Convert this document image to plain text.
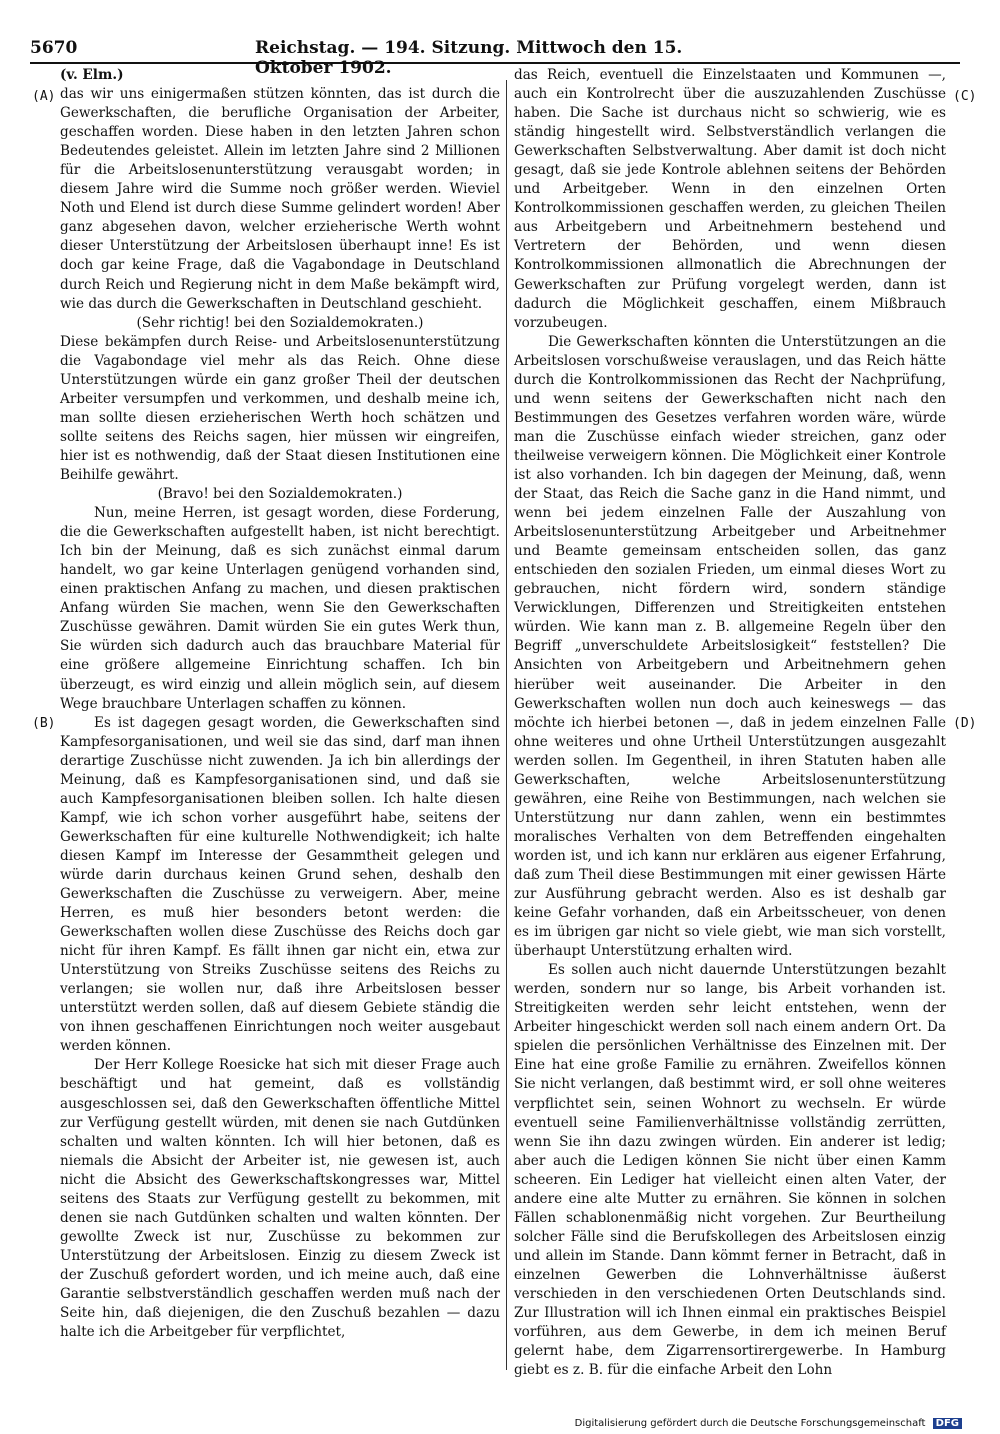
5670	Reichstag. — 194. Sitzung. Mittwoch den 15. Oktober 1902.
(A)
(B)
(C)
(D)

(v. Elm.)

das wir uns einigermaßen stützen könnten, das ist durch die Gewerkschaften, die berufliche Organisation der Arbeiter, geschaffen worden. Diese haben in den letzten Jahren schon Bedeutendes geleistet. Allein im letzten Jahre sind 2 Millionen für die Arbeitslosenunterstützung verausgabt worden; in diesem Jahre wird die Summe noch größer werden. Wieviel Noth und Elend ist durch diese Summe gelindert worden! Aber ganz abgesehen davon, welcher erzieherische Werth wohnt dieser Unterstützung der Arbeitslosen überhaupt inne! Es ist doch gar keine Frage, daß die Vagabondage in Deutschland durch Reich und Regierung nicht in dem Maße bekämpft wird, wie das durch die Gewerkschaften in Deutschland geschieht.

(Sehr richtig! bei den Sozialdemokraten.)

Diese bekämpfen durch Reise- und Arbeitslosenunterstützung die Vagabondage viel mehr als das Reich. Ohne diese Unterstützungen würde ein ganz großer Theil der deutschen Arbeiter versumpfen und verkommen, und deshalb meine ich, man sollte diesen erzieherischen Werth hoch schätzen und sollte seitens des Reichs sagen, hier müssen wir eingreifen, hier ist es nothwendig, daß der Staat diesen Institutionen eine Beihilfe gewährt.

(Bravo! bei den Sozialdemokraten.)

Nun, meine Herren, ist gesagt worden, diese Forderung, die die Gewerkschaften aufgestellt haben, ist nicht berechtigt. Ich bin der Meinung, daß es sich zunächst einmal darum handelt, wo gar keine Unterlagen genügend vorhanden sind, einen praktischen Anfang zu machen, und diesen praktischen Anfang würden Sie machen, wenn Sie den Gewerkschaften Zuschüsse gewähren. Damit würden Sie ein gutes Werk thun, Sie würden sich dadurch auch das brauchbare Material für eine größere allgemeine Einrichtung schaffen. Ich bin überzeugt, es wird einzig und allein möglich sein, auf diesem Wege brauchbare Unterlagen schaffen zu können.

Es ist dagegen gesagt worden, die Gewerkschaften sind Kampfesorganisationen, und weil sie das sind, darf man ihnen derartige Zuschüsse nicht zuwenden. Ja ich bin allerdings der Meinung, daß es Kampfesorganisationen sind, und daß sie auch Kampfesorganisationen bleiben sollen. Ich halte diesen Kampf, wie ich schon vorher ausgeführt habe, seitens der Gewerkschaften für eine kulturelle Nothwendigkeit; ich halte diesen Kampf im Interesse der Gesammtheit gelegen und würde darin durchaus keinen Grund sehen, deshalb den Gewerkschaften die Zuschüsse zu verweigern. Aber, meine Herren, es muß hier besonders betont werden: die Gewerkschaften wollen diese Zuschüsse des Reichs doch gar nicht für ihren Kampf. Es fällt ihnen gar nicht ein, etwa zur Unterstützung von Streiks Zuschüsse seitens des Reichs zu verlangen; sie wollen nur, daß ihre Arbeitslosen besser unterstützt werden sollen, daß auf diesem Gebiete ständig die von ihnen geschaffenen Einrichtungen noch weiter ausgebaut werden können.

Der Herr Kollege Roesicke hat sich mit dieser Frage auch beschäftigt und hat gemeint, daß es vollständig ausgeschlossen sei, daß den Gewerkschaften öffentliche Mittel zur Verfügung gestellt würden, mit denen sie nach Gutdünken schalten und walten könnten. Ich will hier betonen, daß es niemals die Absicht der Arbeiter ist, nie gewesen ist, auch nicht die Absicht des Gewerkschaftskongresses war, Mittel seitens des Staats zur Verfügung gestellt zu bekommen, mit denen sie nach Gutdünken schalten und walten könnten. Der gewollte Zweck ist nur, Zuschüsse zu bekommen zur Unterstützung der Arbeitslosen. Einzig zu diesem Zweck ist der Zuschuß gefordert worden, und ich meine auch, daß eine Garantie selbstverständlich geschaffen werden muß nach der Seite hin, daß diejenigen, die den Zuschuß bezahlen — dazu halte ich die Arbeitgeber für verpflichtet,

das Reich, eventuell die Einzelstaaten und Kommunen —, auch ein Kontrolrecht über die auszuzahlenden Zuschüsse haben. Die Sache ist durchaus nicht so schwierig, wie es ständig hingestellt wird. Selbstverständlich verlangen die Gewerkschaften Selbstverwaltung. Aber damit ist doch nicht gesagt, daß sie jede Kontrole ablehnen seitens der Behörden und Arbeitgeber. Wenn in den einzelnen Orten Kontrolkommissionen geschaffen werden, zu gleichen Theilen aus Arbeitgebern und Arbeitnehmern bestehend und Vertretern der Behörden, und wenn diesen Kontrolkommissionen allmonatlich die Abrechnungen der Gewerkschaften zur Prüfung vorgelegt werden, dann ist dadurch die Möglichkeit geschaffen, einem Mißbrauch vorzubeugen.

Die Gewerkschaften könnten die Unterstützungen an die Arbeitslosen vorschußweise verauslagen, und das Reich hätte durch die Kontrolkommissionen das Recht der Nachprüfung, und wenn seitens der Gewerkschaften nicht nach den Bestimmungen des Gesetzes verfahren worden wäre, würde man die Zuschüsse einfach wieder streichen, ganz oder theilweise verweigern können. Die Möglichkeit einer Kontrole ist also vorhanden. Ich bin dagegen der Meinung, daß, wenn der Staat, das Reich die Sache ganz in die Hand nimmt, und wenn bei jedem einzelnen Falle der Auszahlung von Arbeitslosenunterstützung Arbeitgeber und Arbeitnehmer und Beamte gemeinsam entscheiden sollen, das ganz entschieden den sozialen Frieden, um einmal dieses Wort zu gebrauchen, nicht fördern wird, sondern ständige Verwicklungen, Differenzen und Streitigkeiten entstehen würden. Wie kann man z. B. allgemeine Regeln über den Begriff „unverschuldete Arbeitslosigkeit“ feststellen? Die Ansichten von Arbeitgebern und Arbeitnehmern gehen hierüber weit auseinander. Die Arbeiter in den Gewerkschaften wollen nun doch auch keineswegs — das möchte ich hierbei betonen —, daß in jedem einzelnen Falle ohne weiteres und ohne Urtheil Unterstützungen ausgezahlt werden sollen. Im Gegentheil, in ihren Statuten haben alle Gewerkschaften, welche Arbeitslosenunterstützung gewähren, eine Reihe von Bestimmungen, nach welchen sie Unterstützung nur dann zahlen, wenn ein bestimmtes moralisches Verhalten von dem Betreffenden eingehalten worden ist, und ich kann nur erklären aus eigener Erfahrung, daß zum Theil diese Bestimmungen mit einer gewissen Härte zur Ausführung gebracht werden. Also es ist deshalb gar keine Gefahr vorhanden, daß ein Arbeitsscheuer, von denen es im übrigen gar nicht so viele giebt, wie man sich vorstellt, überhaupt Unterstützung erhalten wird.

Es sollen auch nicht dauernde Unterstützungen bezahlt werden, sondern nur so lange, bis Arbeit vorhanden ist. Streitigkeiten werden sehr leicht entstehen, wenn der Arbeiter hingeschickt werden soll nach einem andern Ort. Da spielen die persönlichen Verhältnisse des Einzelnen mit. Der Eine hat eine große Familie zu ernähren. Zweifellos können Sie nicht verlangen, daß bestimmt wird, er soll ohne weiteres verpflichtet sein, seinen Wohnort zu wechseln. Er würde eventuell seine Familienverhältnisse vollständig zerrütten, wenn Sie ihn dazu zwingen würden. Ein anderer ist ledig; aber auch die Ledigen können Sie nicht über einen Kamm scheeren. Ein Lediger hat vielleicht einen alten Vater, der andere eine alte Mutter zu ernähren. Sie können in solchen Fällen schablonenmäßig nicht vorgehen. Zur Beurtheilung solcher Fälle sind die Berufskollegen des Arbeitslosen einzig und allein im Stande. Dann kömmt ferner in Betracht, daß in einzelnen Gewerben die Lohnverhältnisse äußerst verschieden in den verschiedenen Orten Deutschlands sind. Zur Illustration will ich Ihnen einmal ein praktisches Beispiel vorführen, aus dem Gewerbe, in dem ich meinen Beruf gelernt habe, dem Zigarrensortirergewerbe. In Hamburg giebt es z. B. für die einfache Arbeit den Lohn

Digitalisierung gefördert durch die Deutsche Forschungsgemeinschaft DFG
